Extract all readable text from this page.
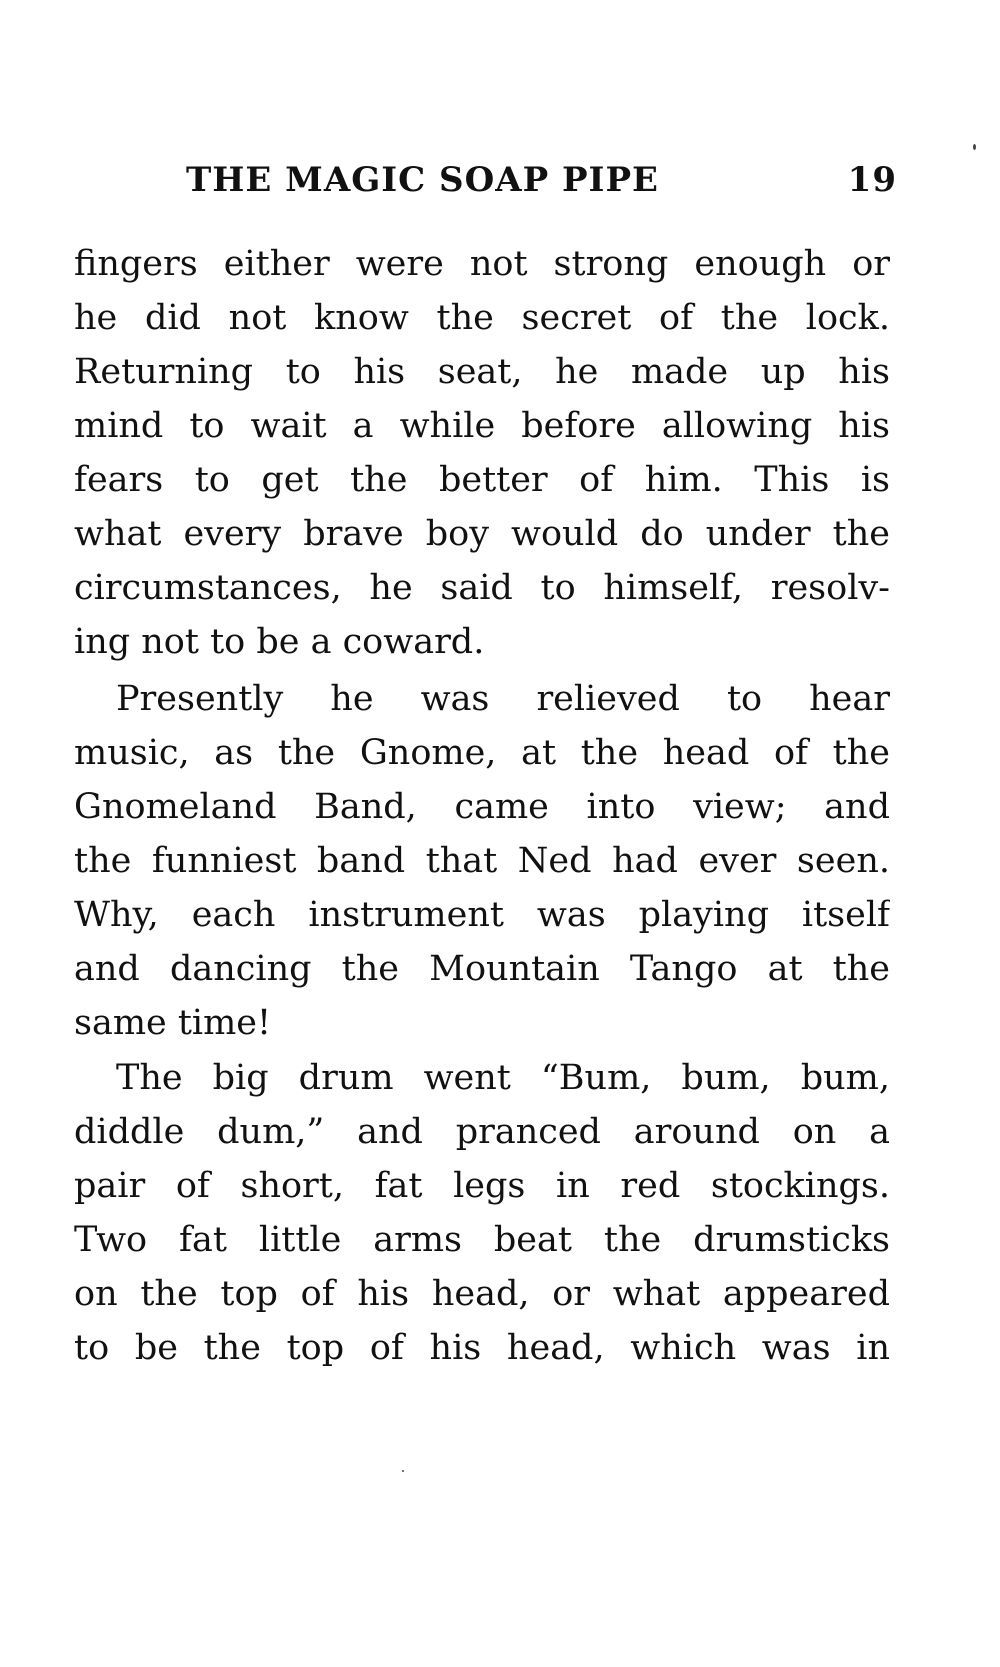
THE MAGIC SOAP PIPE	19
fingers either were not strong enough or
he did not know the secret of the lock.
Returning to his seat, he made up his
mind to wait a while before allowing his
fears to get the better of him. This is
what every brave boy would do under the
circumstances, he said to himself, resolv-
ing not to be a coward.
Presently he was relieved to hear
music, as the Gnome, at the head of the
Gnomeland Band, came into view; and
the funniest band that Ned had ever seen.
Why, each instrument was playing itself
and dancing the Mountain Tango at the
same time!
The big drum went “Bum, bum, bum,
diddle dum,” and pranced around on a
pair of short, fat legs in red stockings.
Two fat little arms beat the drumsticks
on the top of his head, or what appeared
to be the top of his head, which was in
